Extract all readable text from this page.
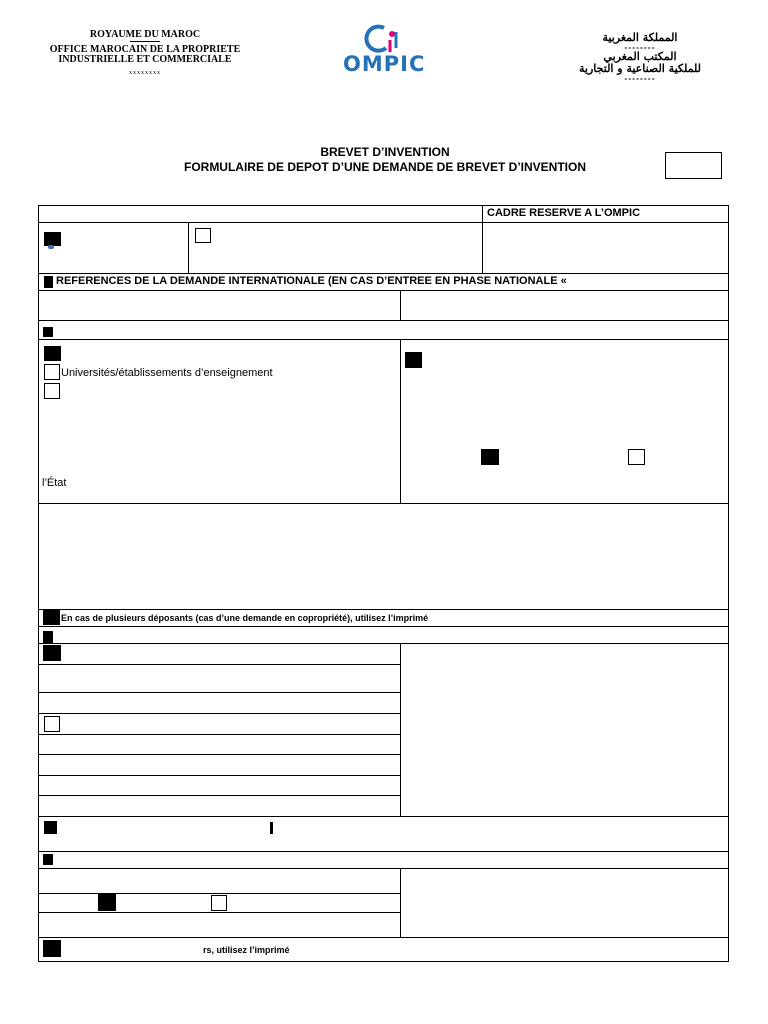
ROYAUME DU MAROC
OFFICE MAROCAIN DE LA PROPRIETE
INDUSTRIELLE ET COMMERCIALE
xxxxxxxx	OMPIC
المملكة المغربية
--------
المكتب المغربي
للملكية الصناعية و التجارية
--------
BREVET D’INVENTION
FORMULAIRE DE DEPOT D’UNE DEMANDE DE BREVET D’INVENTION
CADRE RESERVE A L’OMPIC
REFERENCES DE LA DEMANDE INTERNATIONALE (EN CAS D’ENTREE EN PHASE NATIONALE «
Universités/établissements d’enseignement
l’État
En cas de plusieurs déposants (cas d’une demande en copropriété), utilisez l’imprimé
rs, utilisez l’imprimé
